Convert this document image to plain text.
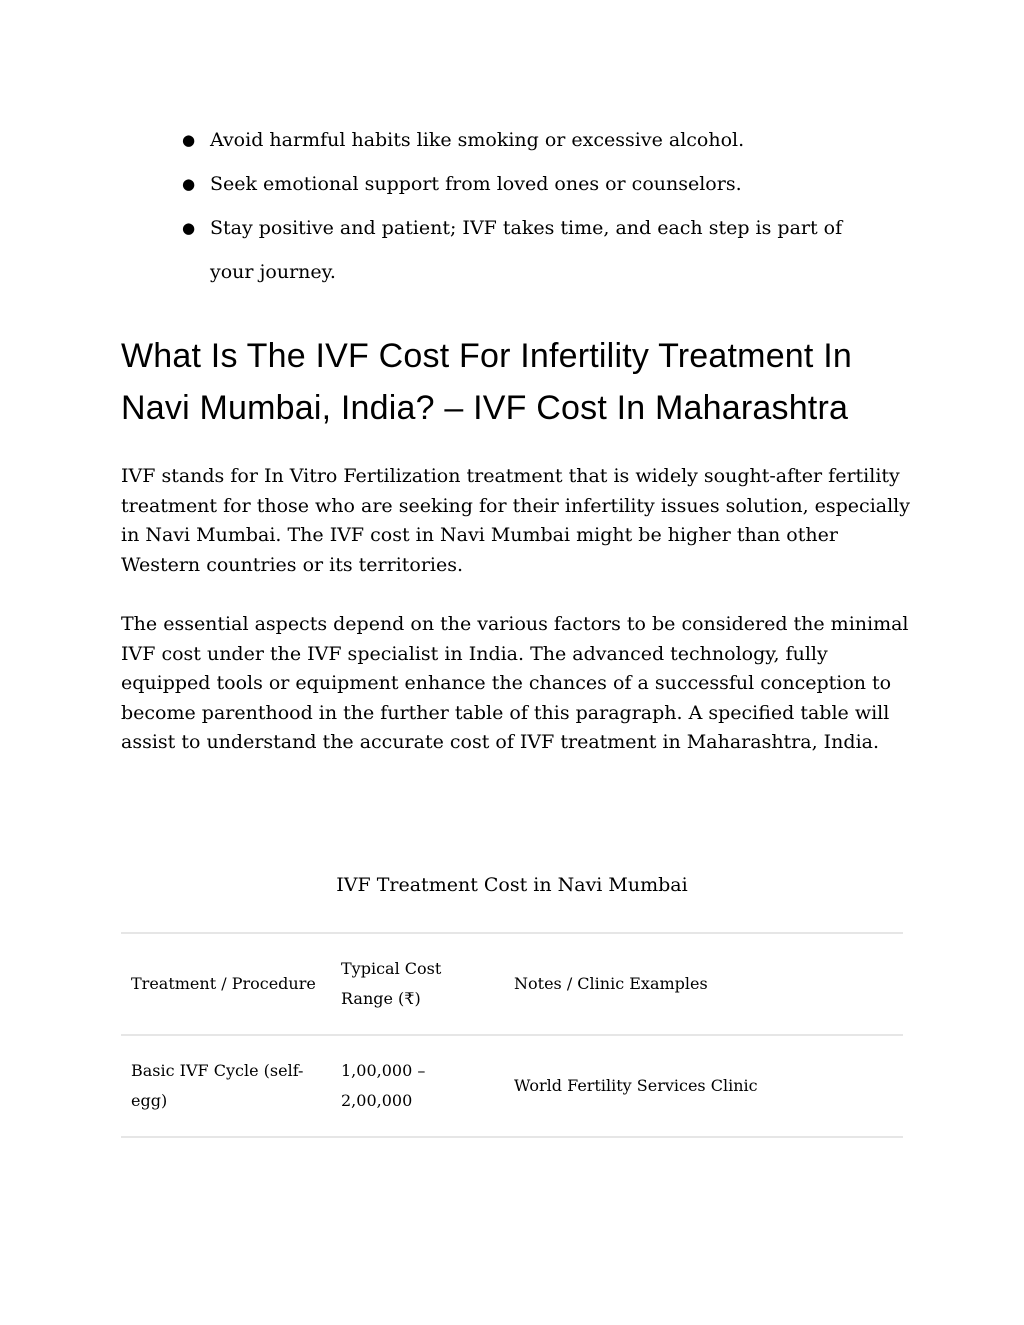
● Avoid harmful habits like smoking or excessive alcohol.
● Seek emotional support from loved ones or counselors.
● Stay positive and patient; IVF takes time, and each step is part of your journey.
What Is The IVF Cost For Infertility Treatment In Navi Mumbai, India? – IVF Cost In Maharashtra

IVF stands for In Vitro Fertilization treatment that is widely sought-after fertility treatment for those who are seeking for their infertility issues solution, especially in Navi Mumbai. The IVF cost in Navi Mumbai might be higher than other Western countries or its territories.

The essential aspects depend on the various factors to be considered the minimal IVF cost under the IVF specialist in India. The advanced technology, fully equipped tools or equipment enhance the chances of a successful conception to become parenthood in the further table of this paragraph. A specified table will assist to understand the accurate cost of IVF treatment in Maharashtra, India.

IVF Treatment Cost in Navi Mumbai
Treatment / Procedure	Typical Cost Range (₹)	Notes / Clinic Examples
Basic IVF Cycle (self-egg)	1,00,000 – 2,00,000	World Fertility Services Clinic
